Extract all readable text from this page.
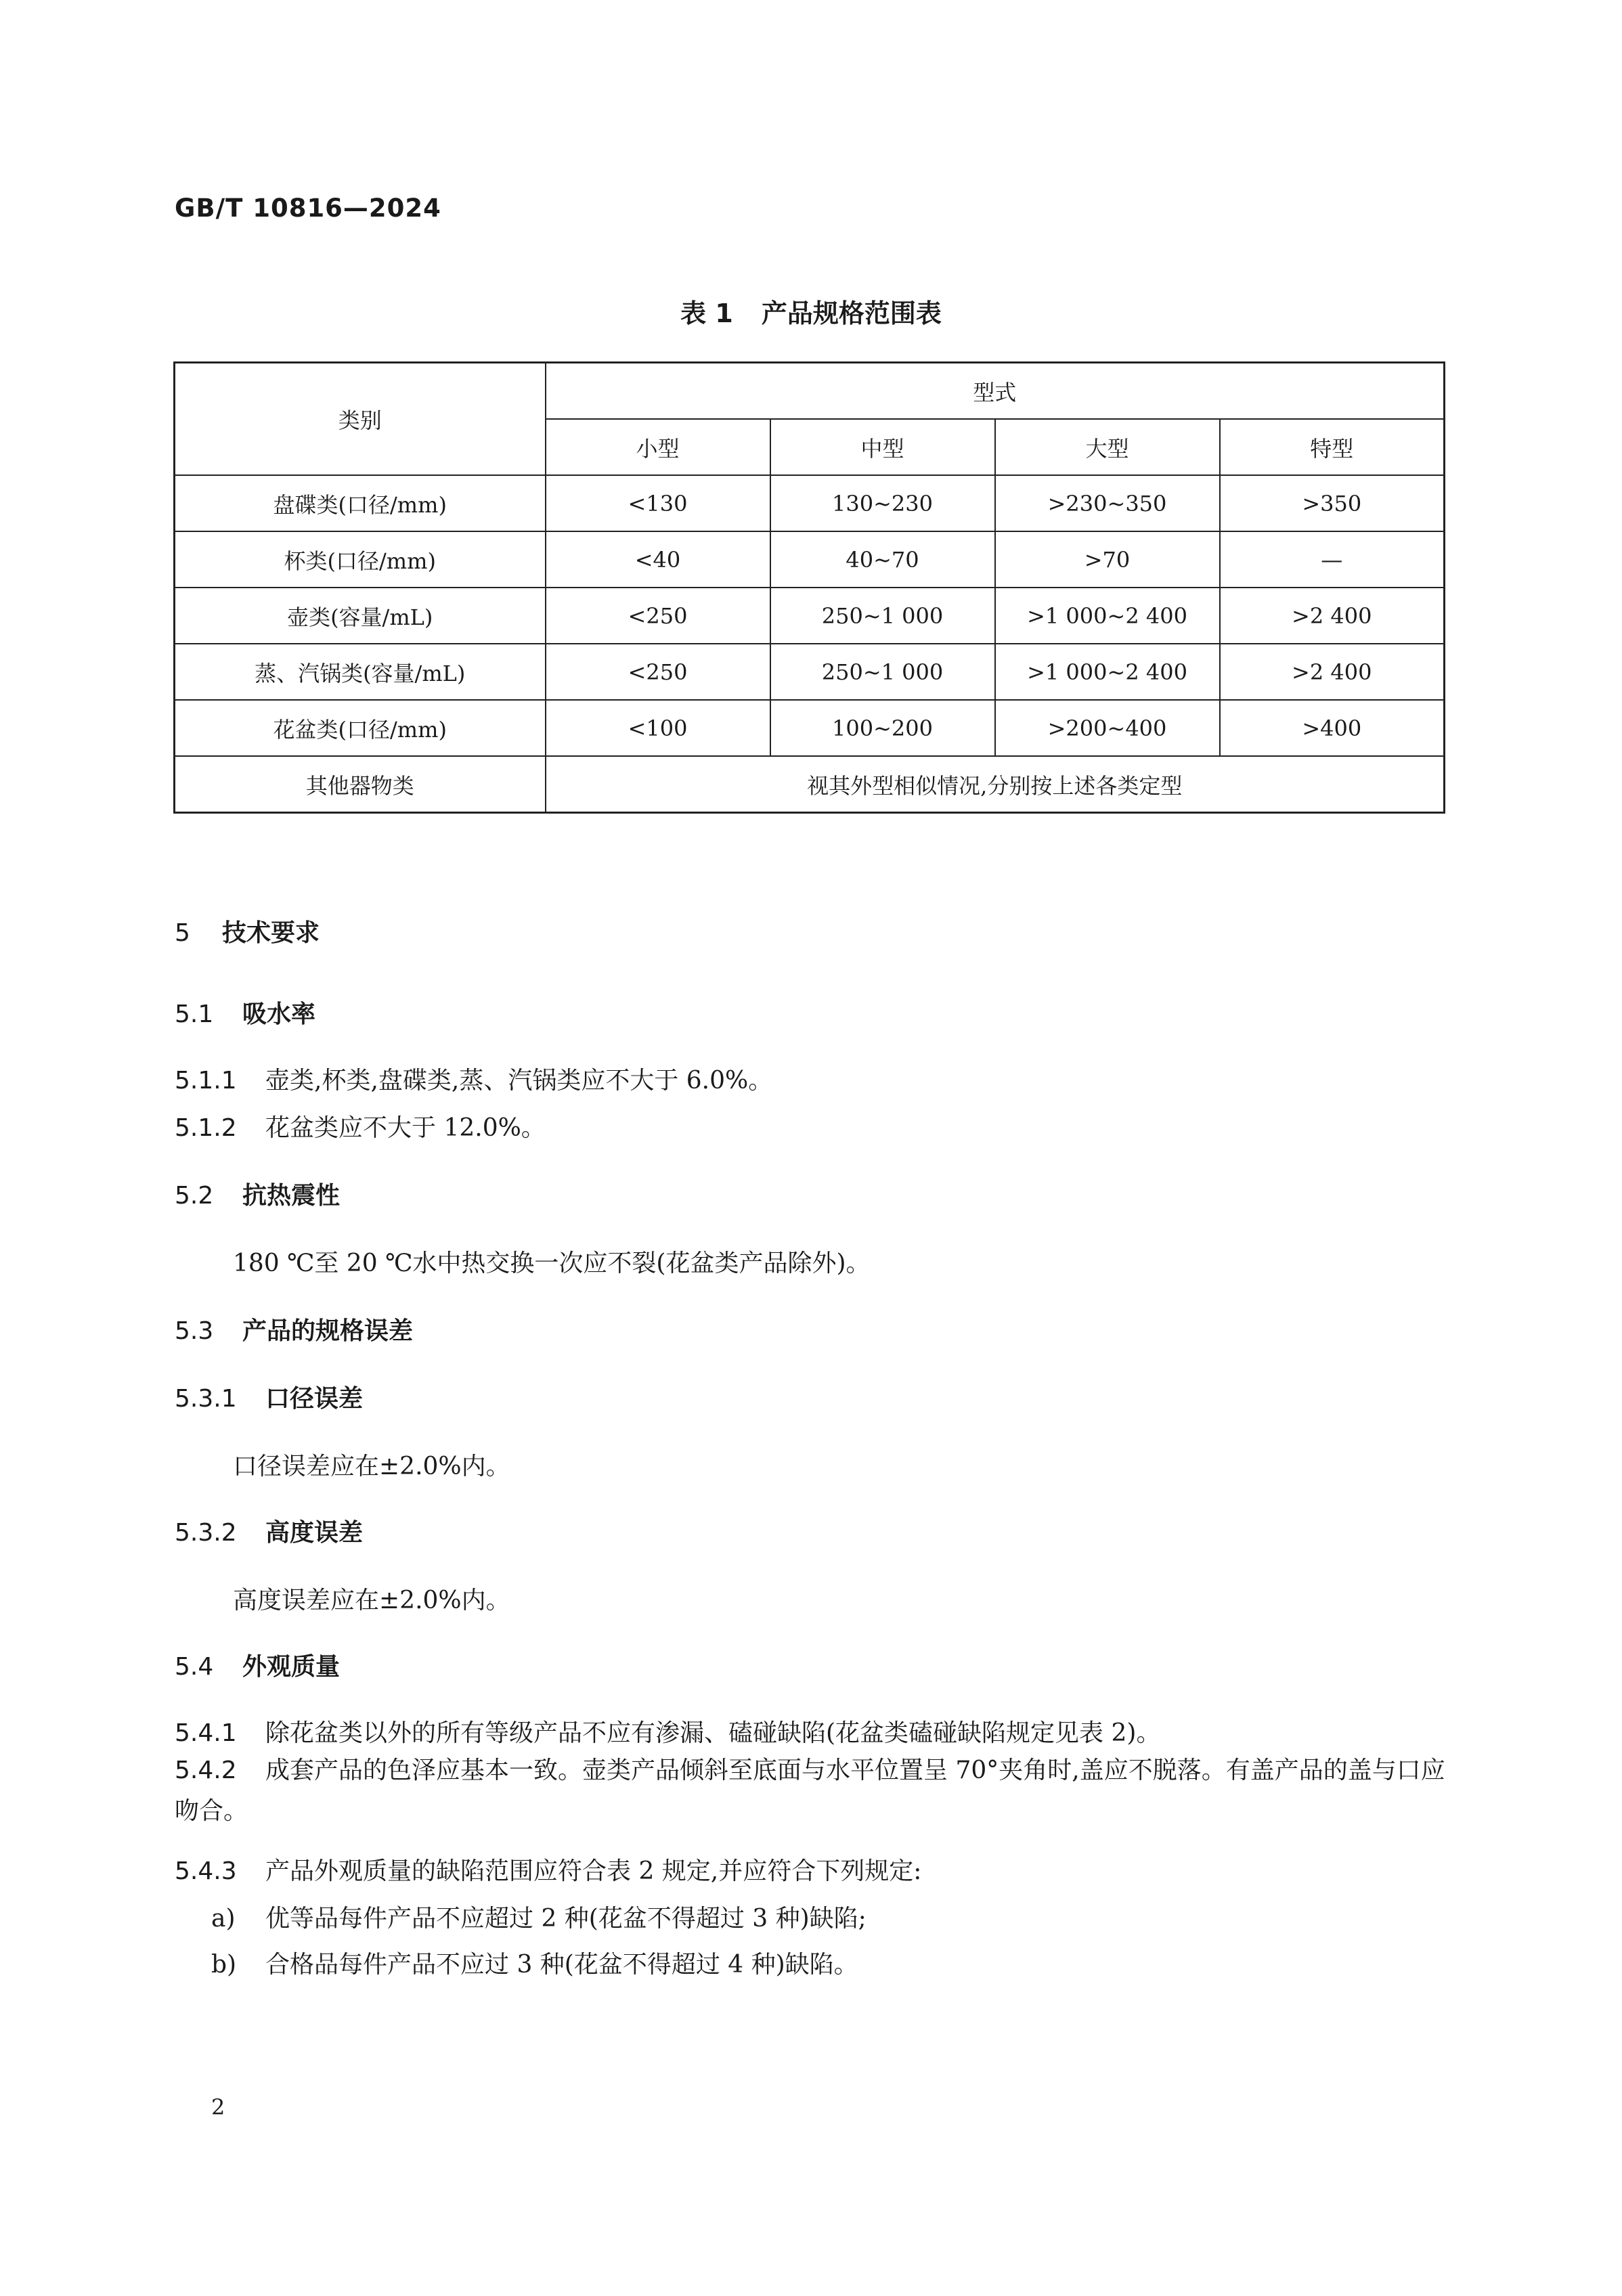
GB/T 10816—2024
表 1 产品规格范围表
类别	型式			
	小型	中型	大型	特型
盘碟类(口径/mm)	<130	130~230	>230~350	>350
杯类(口径/mm)	<40	40~70	>70	—
壶类(容量/mL)	<250	250~1 000	>1 000~2 400	>2 400
蒸、汽锅类(容量/mL)	<250	250~1 000	>1 000~2 400	>2 400
花盆类(口径/mm)	<100	100~200	>200~400	>400
其他器物类	视其外型相似情况,分别按上述各类定型			
5 技术要求
5.1 吸水率
5.1.1 壶类,杯类,盘碟类,蒸、汽锅类应不大于 6.0%。
5.1.2 花盆类应不大于 12.0%。
5.2 抗热震性
180 ℃至 20 ℃水中热交换一次应不裂(花盆类产品除外)。
5.3 产品的规格误差
5.3.1 口径误差
口径误差应在±2.0%内。
5.3.2 高度误差
高度误差应在±2.0%内。
5.4 外观质量
5.4.1 除花盆类以外的所有等级产品不应有渗漏、磕碰缺陷(花盆类磕碰缺陷规定见表 2)。
5.4.2 成套产品的色泽应基本一致。壶类产品倾斜至底面与水平位置呈 70°夹角时,盖应不脱落。有盖产品的盖与口应吻合。
5.4.3 产品外观质量的缺陷范围应符合表 2 规定,并应符合下列规定:
a) 优等品每件产品不应超过 2 种(花盆不得超过 3 种)缺陷;
b) 合格品每件产品不应过 3 种(花盆不得超过 4 种)缺陷。
2
